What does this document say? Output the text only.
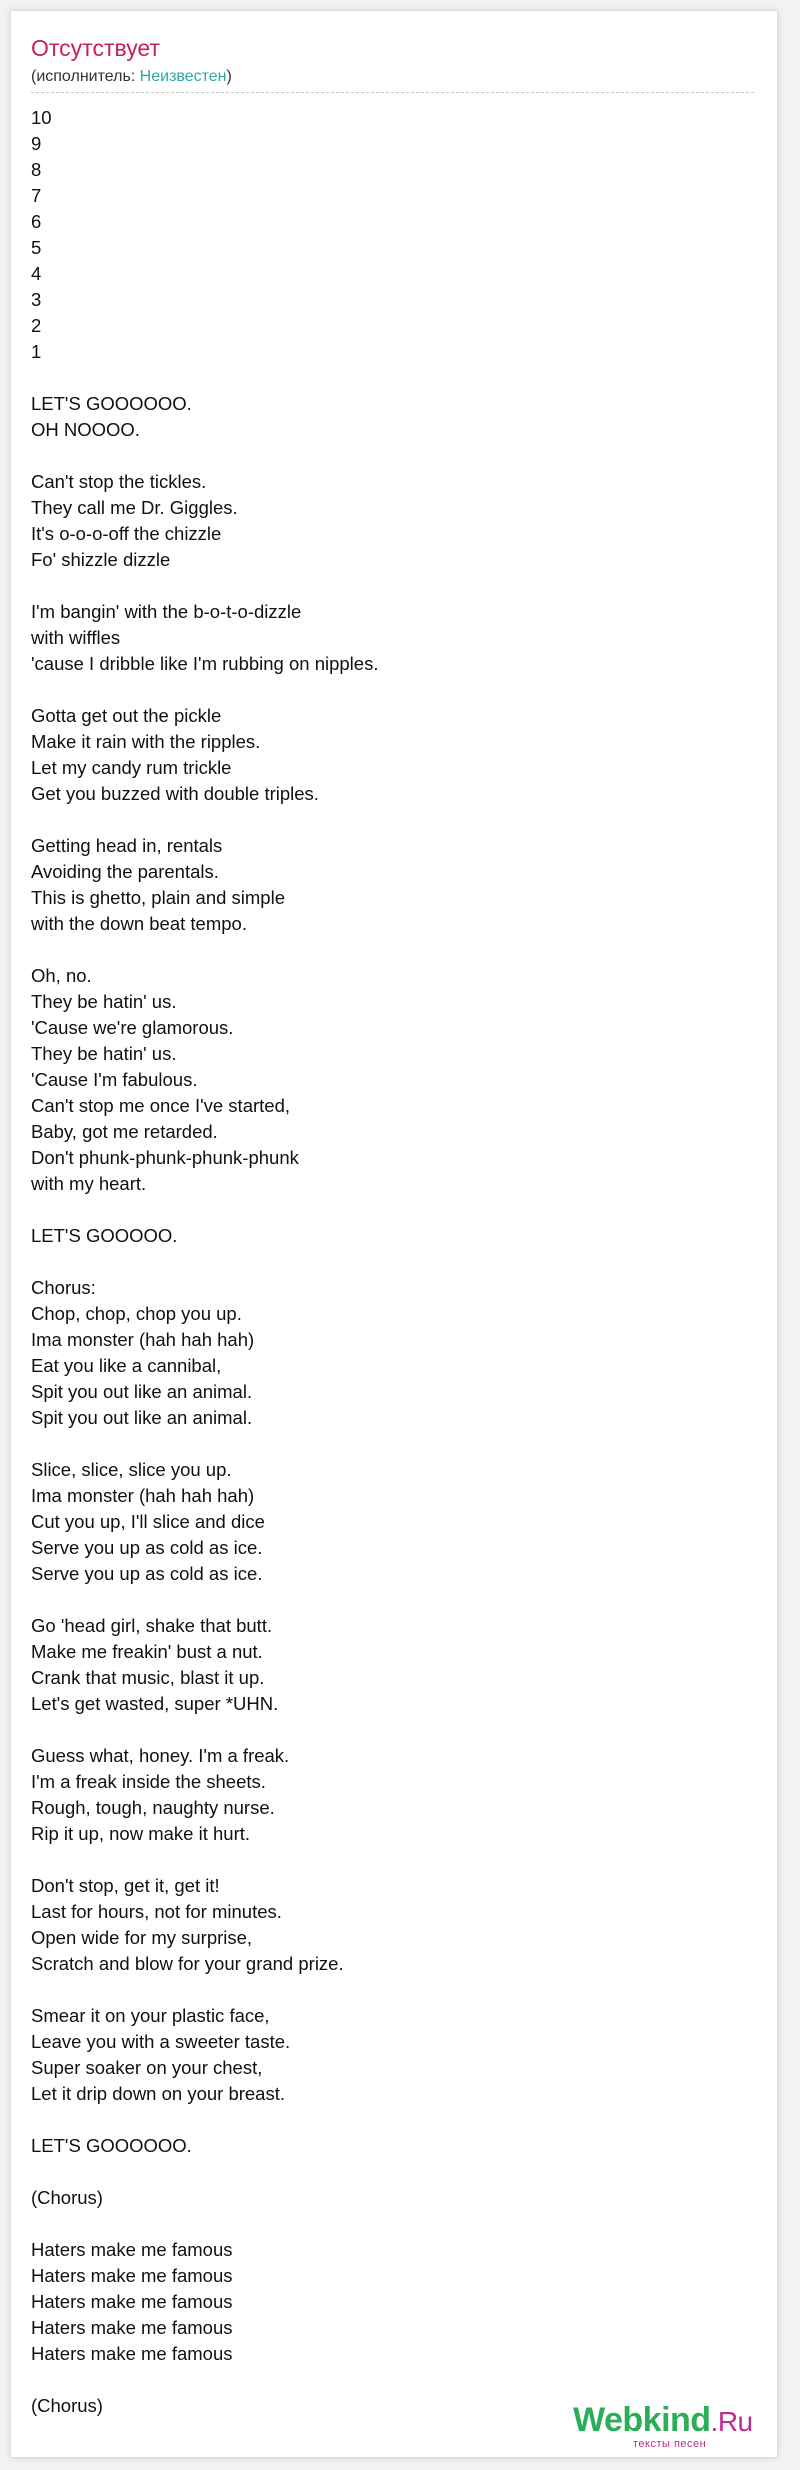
Отсутствует
(исполнитель: Неизвестен)
10
9
8
7
6
5
4
3
2
1
LET'S GOOOOOO.
OH NOOOO.
Can't stop the tickles.
They call me Dr. Giggles.
It's o-o-o-off the chizzle
Fo' shizzle dizzle
I'm bangin' with the b-o-t-o-dizzle
with wiffles
'cause I dribble like I'm rubbing on nipples.
Gotta get out the pickle
Make it rain with the ripples.
Let my candy rum trickle
Get you buzzed with double triples.
Getting head in, rentals
Avoiding the parentals.
This is ghetto, plain and simple
with the down beat tempo.
Oh, no.
They be hatin' us.
'Cause we're glamorous.
They be hatin' us.
'Cause I'm fabulous.
Can't stop me once I've started,
Baby, got me retarded.
Don't phunk-phunk-phunk-phunk
with my heart.
LET'S GOOOOO.
Chorus:
Chop, chop, chop you up.
Ima monster (hah hah hah)
Eat you like a cannibal,
Spit you out like an animal.
Spit you out like an animal.
Slice, slice, slice you up.
Ima monster (hah hah hah)
Cut you up, I'll slice and dice
Serve you up as cold as ice.
Serve you up as cold as ice.
Go 'head girl, shake that butt.
Make me freakin' bust a nut.
Crank that music, blast it up.
Let's get wasted, super *UHN.
Guess what, honey. I'm a freak.
I'm a freak inside the sheets.
Rough, tough, naughty nurse.
Rip it up, now make it hurt.
Don't stop, get it, get it!
Last for hours, not for minutes.
Open wide for my surprise,
Scratch and blow for your grand prize.
Smear it on your plastic face,
Leave you with a sweeter taste.
Super soaker on your chest,
Let it drip down on your breast.
LET'S GOOOOOO.
(Chorus)
Haters make me famous
Haters make me famous
Haters make me famous
Haters make me famous
Haters make me famous
(Chorus)	Webkind.Ru
тексты песен
